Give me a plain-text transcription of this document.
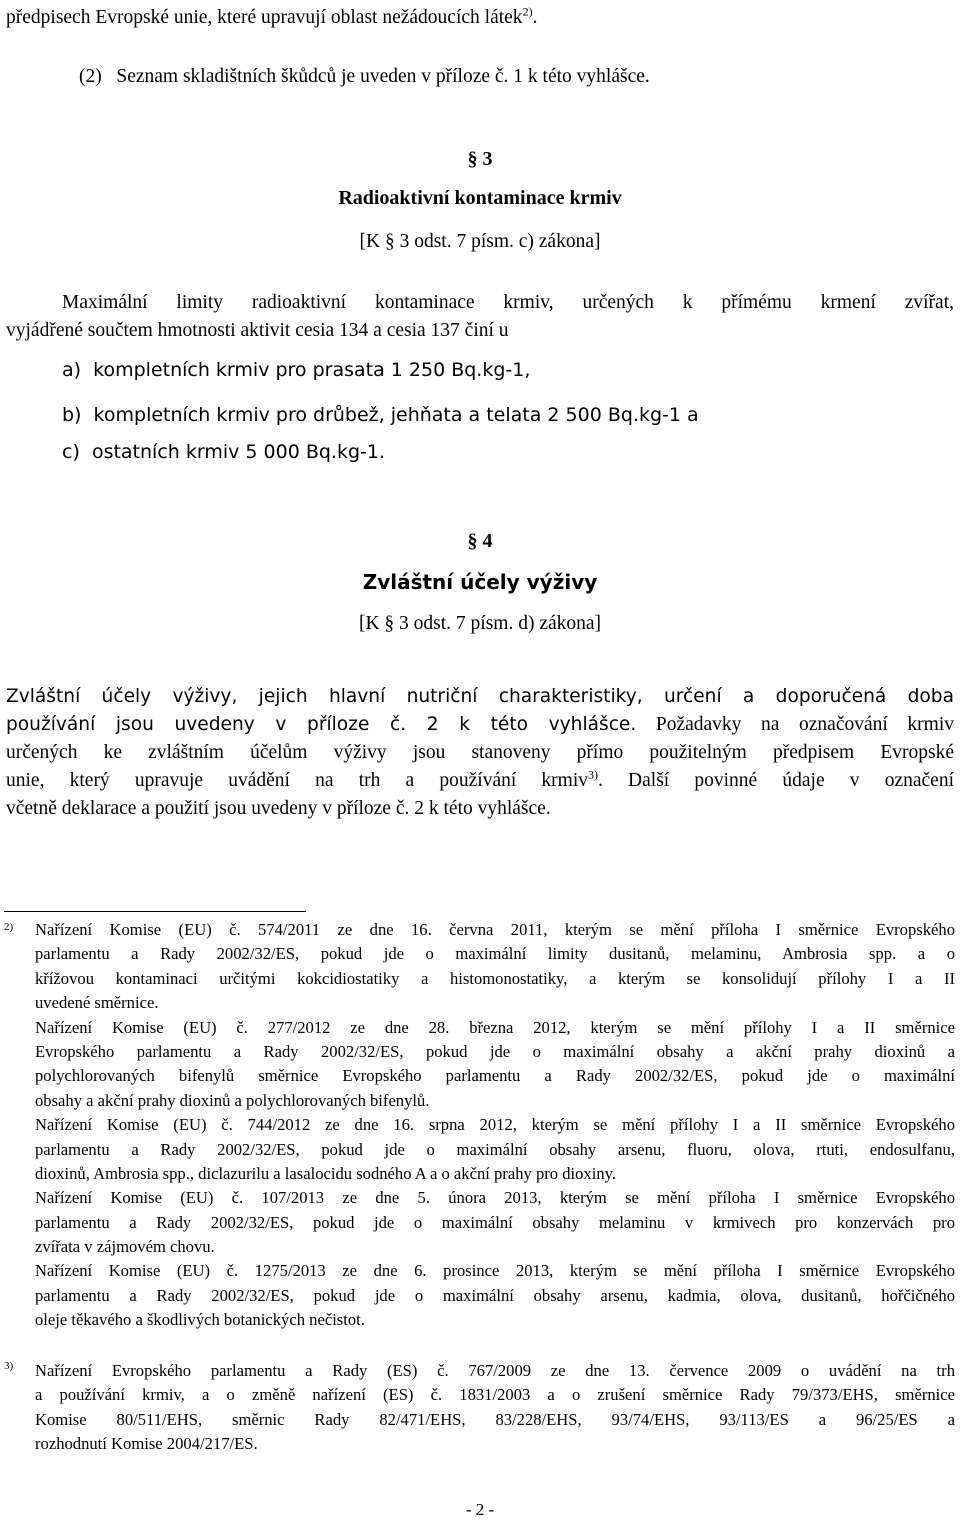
předpisech Evropské unie, které upravují oblast nežádoucích látek$^{2)}$.
(2)   Seznam skladištních škůdců je uveden v příloze č. 1 k této vyhlášce.
§ 3
Radioaktivní kontaminace krmiv
[K § 3 odst. 7 písm. c) zákona]
Maximální limity radioaktivní kontaminace krmiv, určených k přímému krmení zvířat,
vyjádřené součtem hmotnosti aktivit cesia 134 a cesia 137 činí u
a)  kompletních krmiv pro prasata 1 250 Bq.kg-1,
b)  kompletních krmiv pro drůbež, jehňata a telata 2 500 Bq.kg-1 a
c)  ostatních krmiv 5 000 Bq.kg-1.
§ 4
Zvláštní účely výživy
[K § 3 odst. 7 písm. d) zákona]
Zvláštní účely výživy, jejich hlavní nutriční charakteristiky, určení a doporučená doba
používání jsou uvedeny v příloze č. 2 k této vyhlášce. Požadavky na označování krmiv
určených ke zvláštním účelům výživy jsou stanoveny přímo použitelným předpisem Evropské
unie, který upravuje uvádění na trh a používání krmiv$^{3)}$. Další povinné údaje v označení
včetně deklarace a použití jsou uvedeny v příloze č. 2 k této vyhlášce.
2) Nařízení Komise (EU) č. 574/2011 ze dne 16. června 2011, kterým se mění příloha I směrnice Evropského
parlamentu a Rady 2002/32/ES, pokud jde o maximální limity dusitanů, melaminu, Ambrosia spp. a o
křížovou kontaminaci určitými kokcidiostatiky a histomonostatiky, a kterým se konsolidují přílohy I a II
uvedené směrnice.
Nařízení Komise (EU) č. 277/2012 ze dne 28. března 2012, kterým se mění přílohy I a II směrnice
Evropského parlamentu a Rady 2002/32/ES, pokud jde o maximální obsahy a akční prahy dioxinů a
polychlorovaných bifenylů směrnice Evropského parlamentu a Rady 2002/32/ES, pokud jde o maximální
obsahy a akční prahy dioxinů a polychlorovaných bifenylů.
Nařízení Komise (EU) č. 744/2012 ze dne 16. srpna 2012, kterým se mění přílohy I a II směrnice Evropského
parlamentu a Rady 2002/32/ES, pokud jde o maximální obsahy arsenu, fluoru, olova, rtuti, endosulfanu,
dioxinů, Ambrosia spp., diclazurilu a lasalocidu sodného A a o akční prahy pro dioxiny.
Nařízení Komise (EU) č. 107/2013 ze dne 5. února 2013, kterým se mění příloha I směrnice Evropského
parlamentu a Rady 2002/32/ES, pokud jde o maximální obsahy melaminu v krmivech pro konzervách pro
zvířata v zájmovém chovu.
Nařízení Komise (EU) č. 1275/2013 ze dne 6. prosince 2013, kterým se mění příloha I směrnice Evropského
parlamentu a Rady 2002/32/ES, pokud jde o maximální obsahy arsenu, kadmia, olova, dusitanů, hořčičného
oleje těkavého a škodlivých botanických nečistot.
3) Nařízení Evropského parlamentu a Rady (ES) č. 767/2009 ze dne 13. července 2009 o uvádění na trh
a používání krmiv, a o změně nařízení (ES) č. 1831/2003 a o zrušení směrnice Rady 79/373/EHS, směrnice
Komise 80/511/EHS, směrnic Rady 82/471/EHS, 83/228/EHS, 93/74/EHS, 93/113/ES a 96/25/ES a
rozhodnutí Komise 2004/217/ES.
- 2 -
